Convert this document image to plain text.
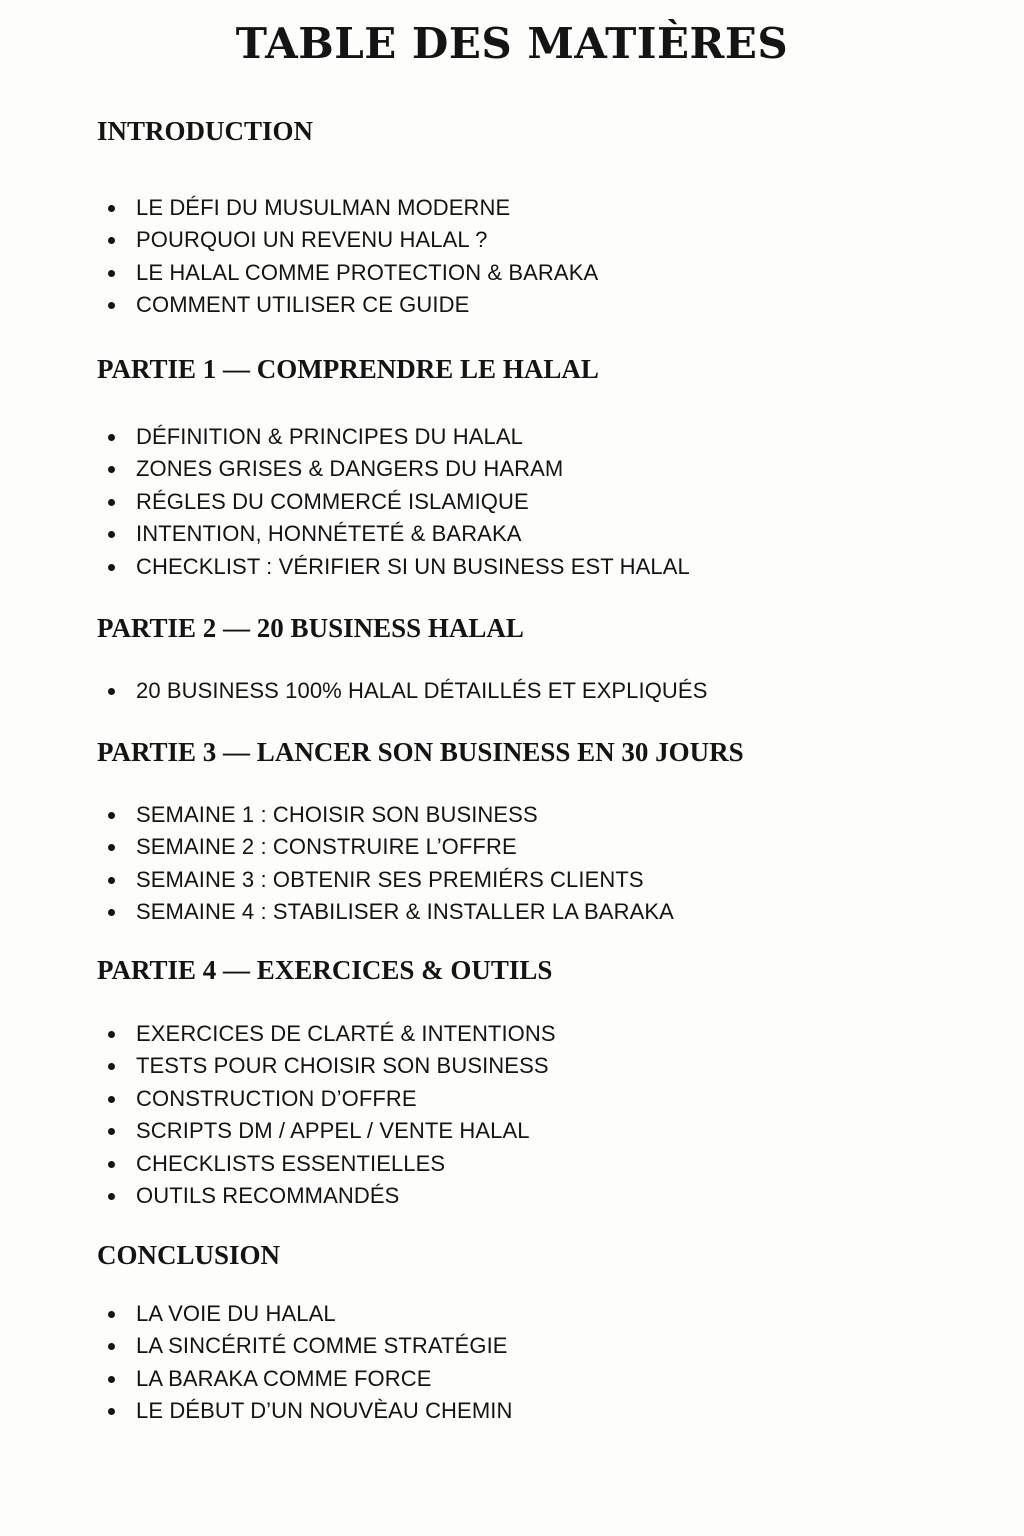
TABLE DES MATIÈRES
INTRODUCTION
LE DÉFI DU MUSULMAN MODERNE
POURQUOI UN REVENU HALAL ?
LE HALAL COMME PROTECTION & BARAKA
COMMENT UTILISER CE GUIDE
PARTIE 1 — COMPRENDRE LE HALAL
DÉFINITION & PRINCIPES DU HALAL
ZONES GRISES & DANGERS DU HARAM
RÉGLES DU COMMERCÉ ISLAMIQUE
INTENTION, HONNÉTETÉ & BARAKA
CHECKLIST : VÉRIFIER SI UN BUSINESS EST HALAL
PARTIE 2 — 20 BUSINESS HALAL
20 BUSINESS 100% HALAL DÉTAILLÉS ET EXPLIQUÉS
PARTIE 3 — LANCER SON BUSINESS EN 30 JOURS
SEMAINE 1 : CHOISIR SON BUSINESS
SEMAINE 2 : CONSTRUIRE L’OFFRE
SEMAINE 3 : OBTENIR SES PREMIÉRS CLIENTS
SEMAINE 4 : STABILISER & INSTALLER LA BARAKA
PARTIE 4 — EXERCICES & OUTILS
EXERCICES DE CLARTÉ & INTENTIONS
TESTS POUR CHOISIR SON BUSINESS
CONSTRUCTION D’OFFRE
SCRIPTS DM / APPEL / VENTE HALAL
CHECKLISTS ESSENTIELLES
OUTILS RECOMMANDÉS
CONCLUSION
LA VOIE DU HALAL
LA SINCÉRITÉ COMME STRATÉGIE
LA BARAKA COMME FORCE
LE DÉBUT D’UN NOUVÈAU CHEMIN
